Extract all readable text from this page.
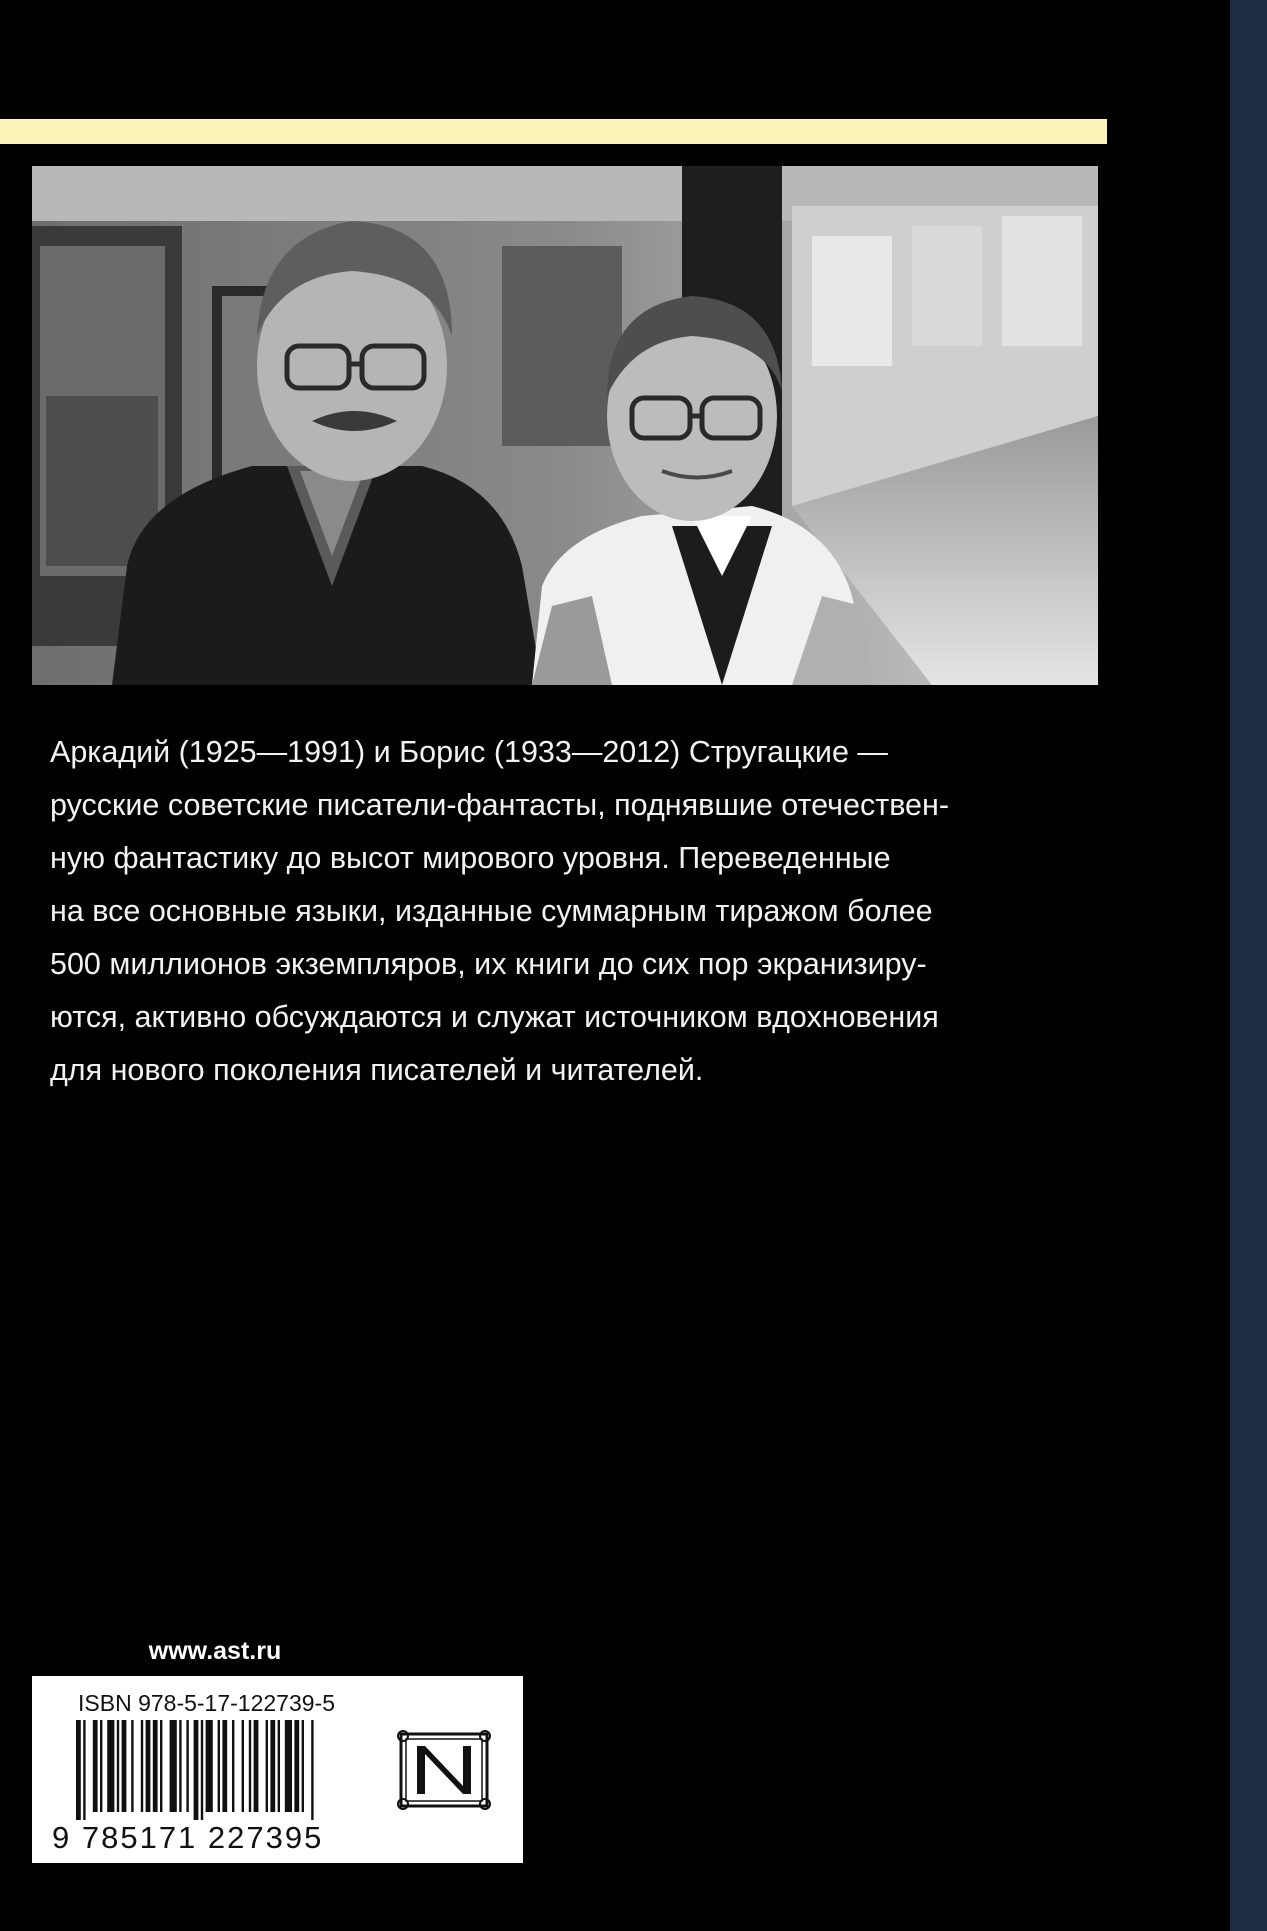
Аркадий (1925—1991) и Борис (1933—2012) Стругацкие —
русские советские писатели-фантасты, поднявшие отечествен-
ную фантастику до высот мирового уровня. Переведенные
на все основные языки, изданные суммарным тиражом более
500 миллионов экземпляров, их книги до сих пор экранизиру-
ются, активно обсуждаются и служат источником вдохновения
для нового поколения писателей и читателей.
www.ast.ru
ISBN 978-5-17-122739-5
9 785171 227395
